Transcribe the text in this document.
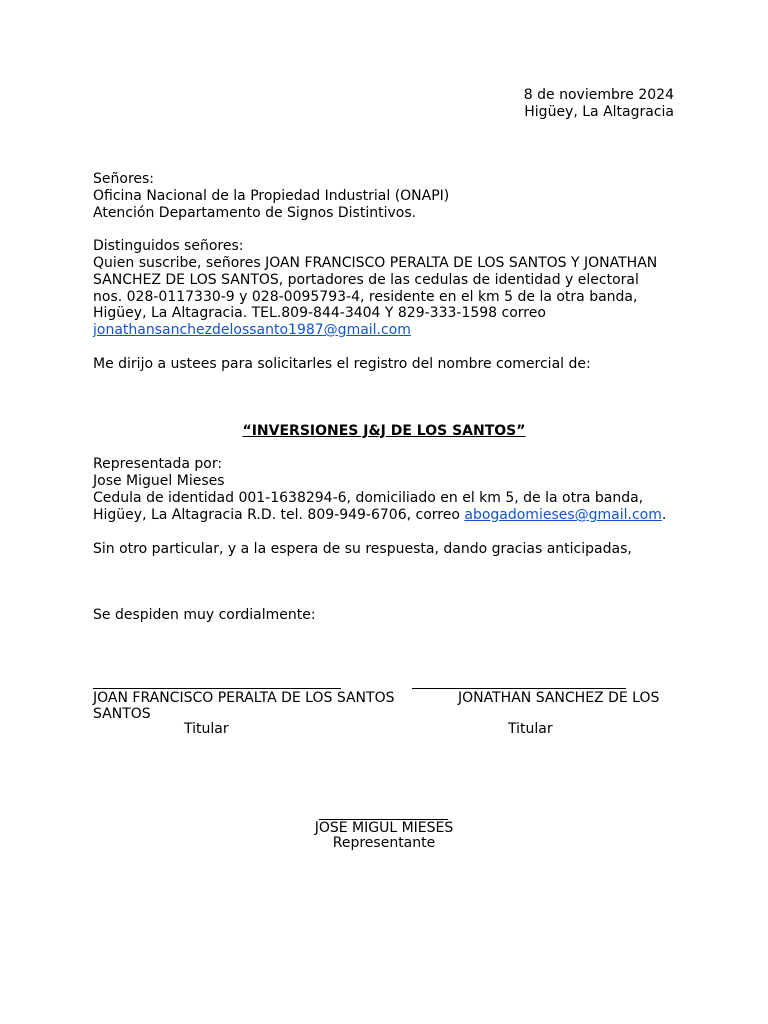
8 de noviembre 2024
Higüey, La Altagracia
Señores:
Oficina Nacional de la Propiedad Industrial (ONAPI)
Atención Departamento de Signos Distintivos.
Distinguidos señores:
Quien suscribe, señores JOAN FRANCISCO PERALTA DE LOS SANTOS Y JONATHAN
SANCHEZ DE LOS SANTOS, portadores de las cedulas de identidad y electoral
nos. 028-0117330-9 y 028-0095793-4, residente en el km 5 de la otra banda,
Higüey, La Altagracia. TEL.809-844-3404 Y 829-333-1598 correo
jonathansanchezdelossanto1987@gmail.com
Me dirijo a ustees para solicitarles el registro del nombre comercial de:
“INVERSIONES J&J DE LOS SANTOS”
Representada por:
Jose Miguel Mieses
Cedula de identidad 001-1638294-6, domiciliado en el km 5, de la otra banda,
Higüey, La Altagracia R.D. tel. 809-949-6706, correo abogadomieses@gmail.com.
Sin otro particular, y a la espera de su respuesta, dando gracias anticipadas,
Se despiden muy cordialmente:
JOAN FRANCISCO PERALTA DE LOS SANTOS	JONATHAN SANCHEZ DE LOS
SANTOS
Titular	Titular
JOSE MIGUL MIESES
Representante
